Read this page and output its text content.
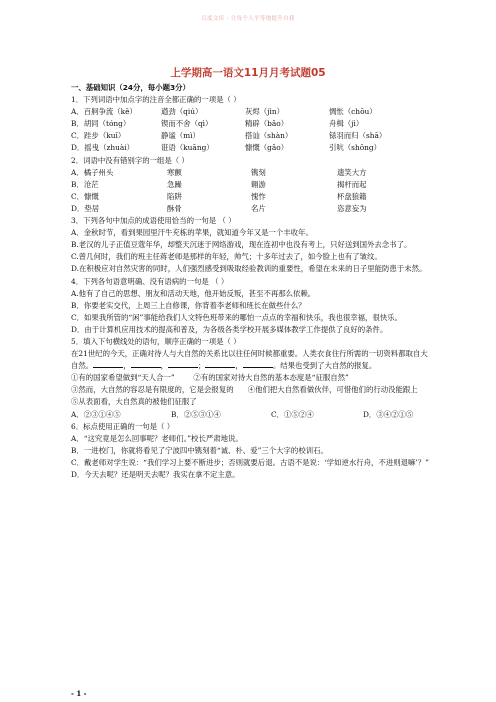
百度文库 - 让每个人平等地提升自我
上学期高一语文11月月考试题05
一、基础知识（24分，每小题3分）
1．下列词语中加点字的注音全都正确的一项是（ ）
A．百舸争流（kě）	遒劲（qiú）	灰烬（jìn）	惆怅（chōu）
B．胡同（tóng）	锲而不舍（qì）	精辟（bǎo）	舟楫（jì）
C．跬步（kuǐ）	静谧（mì）	搭讪（shàn）	铩羽而归（shā）
D．摇曳（zhuài）	诳语（kuāng）	慷慨（gǎo）	引吭（shōng）
2．词语中没有错别字的一组是（ ）
A．橘子州头	寒颤	镌刻	遗笑大方
B．沧茫	急躁	翱游	揭杆而起
C．慷慨	陷阱	愧怍	杯盘狼籍
D．垫居	酥骨	名片	恣意妄为
3．下列各句中加点的成语使用恰当的一句是 （ ）
A．金秋时节，看到果园里汗牛充栋的苹果，就知道今年又是一个丰收年。
B.老汉的儿子正值豆蔻年华，却整天沉迷于网络游戏，现在连初中也没有考上，只好送到国外去念书了。
C.曾几何时，我们的班主任蒋老师是那样的年轻，帅气；十多年过去了，如今脸上也有了皱纹。
D.在积极应对自然灾害的同时，人们强烈感受到吸取经验教训的重要性，希望在未来的日子里能防患于未然。
4．下列各句语意明确、没有语病的一句是 （ ）
A.他有了自己的思想、朋友和活动天地，他开始反叛，甚至不再那么依赖。
B．你要老实交代，上周三上自修课，你背着李老师和班长在做些什么？
C．如果我所管的“闲”事能给我们人文特色班带来的哪怕一点点的幸福和快乐，我也很幸福，很快乐。
D．由于计算机应用技术的提高和普及，为各级各类学校开展多媒体教学工作提供了良好的条件。
5．填入下句横线处的语句，顺序正确的一项是（ ）
在21世纪的今天，正确对待人与大自然的关系比以往任何时候都重要。人类衣食住行所需的一切资料都取自大自然。	，	，	；	，	。结果也受到了大自然的报复。
①有的国家希望做到“天人合一”        ②有的国家对待大自然的基本态度是“征服自然”
③然而，大自然的容忍是有限度的，它是会报复的      ④他们把大自然看做伙伴，可惜他们的行动没能跟上       ⑤从表面看，大自然真的被他们征服了
A．②③①④⑤	B．②⑤③①④	C．①⑤②④	D．③④②①⑤
6．标点使用正确的一句是（ ）
A．“这究竟是怎么回事呢？老师们。”校长严肃地说。
B．一进校门，你就将看见了宁波四中镌刻着“诚、朴、爱”三个大字的校训石。
C．戴老师对学生说：“我们学习上要不断进步；否则就要后退。古语不是说：‘学如逆水行舟，不进则退嘛’？”
D．今天去呢？还是明天去呢？我实在拿不定主意。
- 1 -
